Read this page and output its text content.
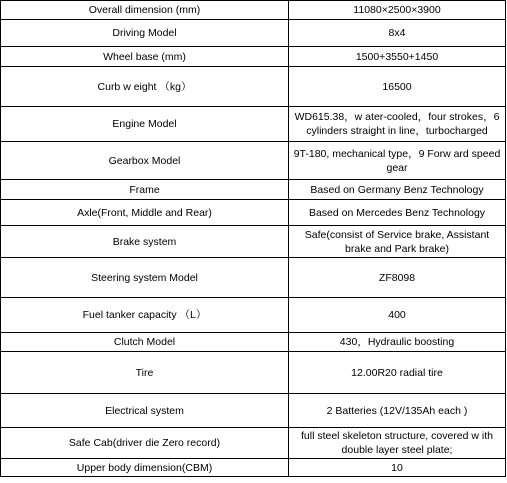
Overall dimension (mm)	11080×2500×3900
Driving Model	8x4
Wheel base (mm)	1500+3550+1450
Curb w eight （kg）	16500
Engine Model	WD615.38，w ater-cooled，four strokes，6 cylinders straight in line，turbocharged
Gearbox Model	9T-180, mechanical type，9 Forw ard speed gear
Frame	Based on Germany Benz Technology
Axle(Front, Middle and Rear)	Based on Mercedes Benz Technology
Brake system	Safe(consist of Service brake, Assistant brake and Park brake)
Steering system Model	ZF8098
Fuel tanker capacity （L）	400
Clutch Model	430，Hydraulic boosting
Tire	12.00R20 radial tire
Electrical system	2 Batteries (12V/135Ah each )
Safe Cab(driver die Zero record)	full steel skeleton structure, covered w ith double layer steel plate;
Upper body dimension(CBM)	10
